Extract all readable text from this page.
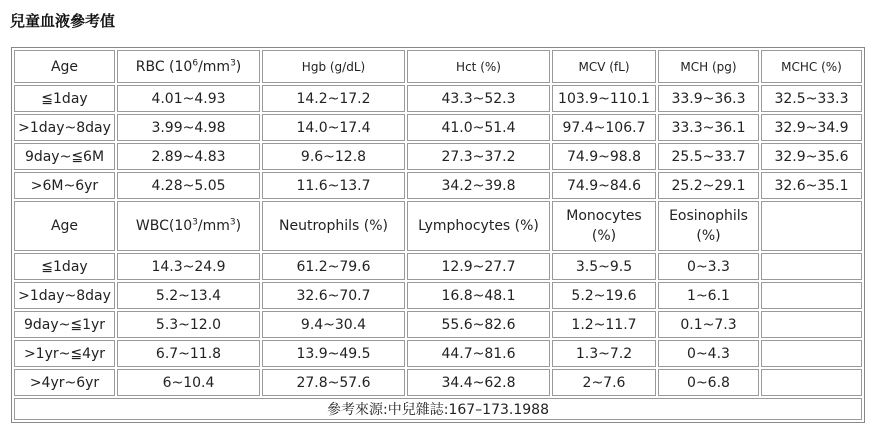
兒童血液參考值
Age	RBC $(10^6/mm^3)$	Hgb (g/dL)	Hct (%)	MCV (fL)	MCH (pg)	MCHC (%)
≦1day	4.01~4.93	14.2~17.2	43.3~52.3	103.9~110.1	33.9~36.3	32.5~33.3
>1day~8day	3.99~4.98	14.0~17.4	41.0~51.4	97.4~106.7	33.3~36.1	32.9~34.9
9day~≦6M	2.89~4.83	9.6~12.8	27.3~37.2	74.9~98.8	25.5~33.7	32.9~35.6
>6M~6yr	4.28~5.05	11.6~13.7	34.2~39.8	74.9~84.6	25.2~29.1	32.6~35.1
Age	$WBC(10^3/mm^3)$	Neutrophils (%)	Lymphocytes (%)	Monocytes (%)	Eosinophils (%)	
≦1day	14.3~24.9	61.2~79.6	12.9~27.7	3.5~9.5	0~3.3	
>1day~8day	5.2~13.4	32.6~70.7	16.8~48.1	5.2~19.6	1~6.1	
9day~≦1yr	5.3~12.0	9.4~30.4	55.6~82.6	1.2~11.7	0.1~7.3	
>1yr~≦4yr	6.7~11.8	13.9~49.5	44.7~81.6	1.3~7.2	0~4.3	
>4yr~6yr	6~10.4	27.8~57.6	34.4~62.8	2~7.6	0~6.8	
參考來源:中兒雜誌:167–173.1988						
